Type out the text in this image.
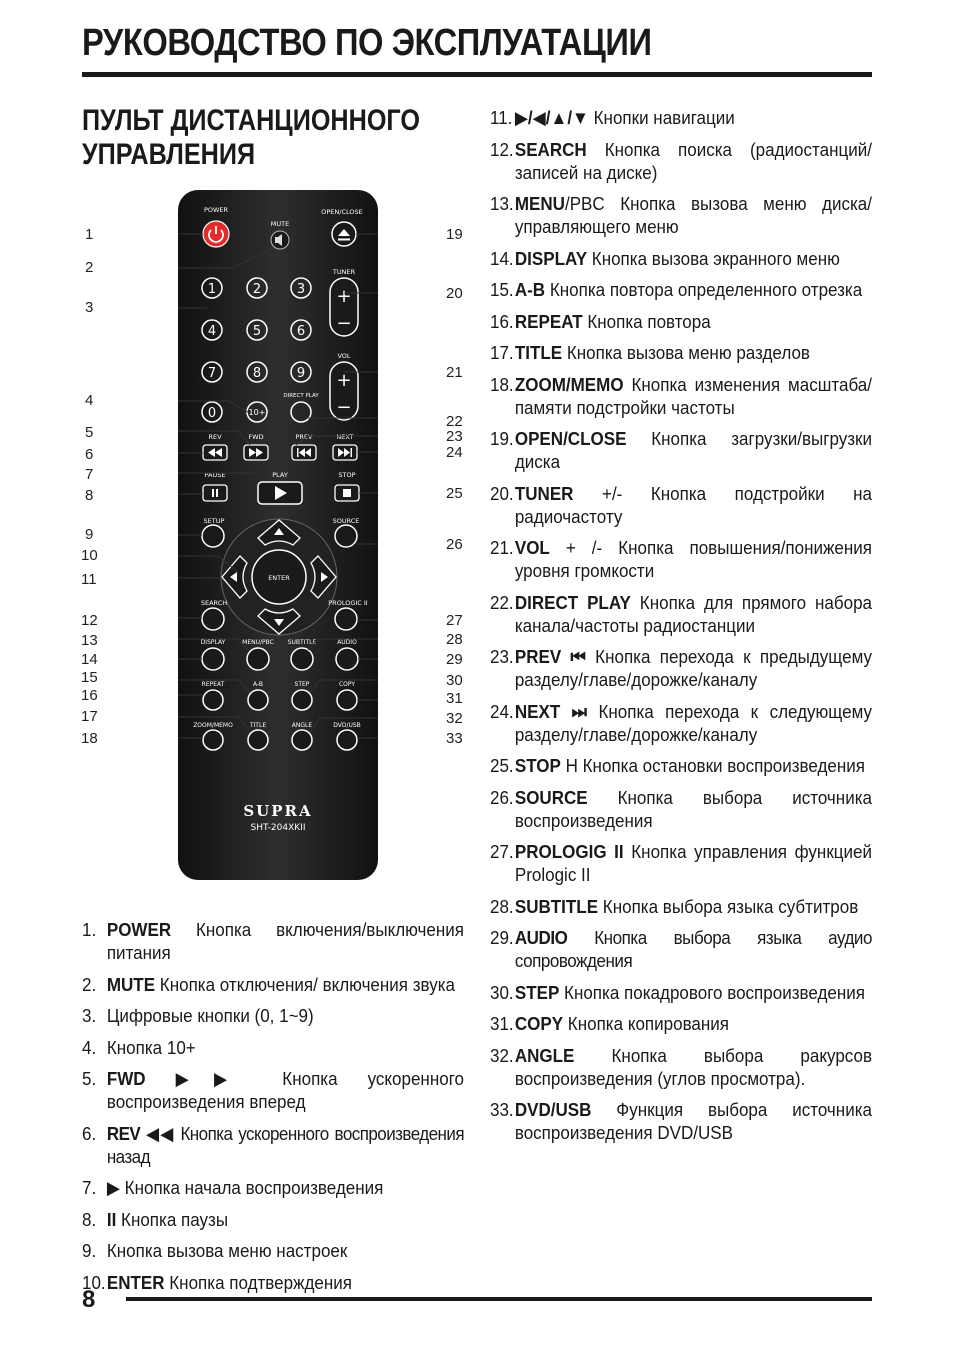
РУКОВОДСТВО ПО ЭКСПЛУАТАЦИИ
ПУЛЬТ ДИСТАНЦИОННОГО
УПРАВЛЕНИЯ
POWER
MUTE
OPEN/CLOSE
1	2	3
4	5	6
7	8	9
0	10+
DIRECT PLAY
TUNER
+
−
VOL
+
−
REV	FWD	PREV	NEXT
PAUSE	PLAY	STOP
SETUP	SOURCE
ENTER
SEARCH	PROLOGIC II
DISPLAY	MENU/PBC SUBTITLE	AUDIO
REPEAT	A-B	STEP	COPY
ZOOM/MEMO	TITLE	ANGLE	DVD/USB
SUPRA
SHT-204XKII
1
2
3
4
5
6
7
8
9
10
11
12
13
14
15
16
17
18
19
20
21
22
23
24
25
26
27
28
29
30
31
32
33
1. POWER Кнопка включения/выключения питания
2. MUTE Кнопка отключения/ включения звука
3. Цифровые кнопки (0, 1~9)
4. Кнопка 10+
5. FWD ▶▶ Кнопка ускоренного воспроизведения вперед
6. REV ◀◀ Кнопка ускоренного воспроизведения назад
7. ▶ Кнопка начала воспроизведения
8. II Кнопка паузы
9. Кнопка вызова меню настроек
10. ENTER Кнопка подтверждения
11. ▶/◀/▲/▼ Кнопки навигации
12. SEARCH Кнопка поиска (радиостанций/записей на диске)
13. MENU/PBC Кнопка вызова меню диска/ управляющего меню
14. DISPLAY Кнопка вызова экранного меню
15. A-B Кнопка повтора определенного отрезка
16. REPEAT Кнопка повтора
17. TITLE Кнопка вызова меню разделов
18. ZOOM/MEMO Кнопка изменения масштаба/памяти подстройки частоты
19. OPEN/CLOSE Кнопка загрузки/выгрузки диска
20. TUNER +/- Кнопка подстройки на радиочастоту
21. VOL + /- Кнопка повышения/понижения уровня громкости
22. DIRECT PLAY Кнопка для прямого набора канала/частоты радиостанции
23. PREV ⏮ Кнопка перехода к предыдущему разделу/главе/дорожке/каналу
24. NEXT ⏭ Кнопка перехода к следующему разделу/главе/дорожке/каналу
25. STOP Н Кнопка остановки воспроизведения
26. SOURCE Кнопка выбора источника воспроизведения
27. PROLOGIG II Кнопка управления функцией Prologic II
28. SUBTITLE Кнопка выбора языка субтитров
29. AUDIO Кнопка выбора языка аудио сопровождения
30. STEP Кнопка покадрового воспроизведения
31. COPY Кнопка копирования
32. ANGLE Кнопка выбора ракурсов воспроизведения (углов просмотра).
33. DVD/USB Функция выбора источника воспроизведения DVD/USB
8
